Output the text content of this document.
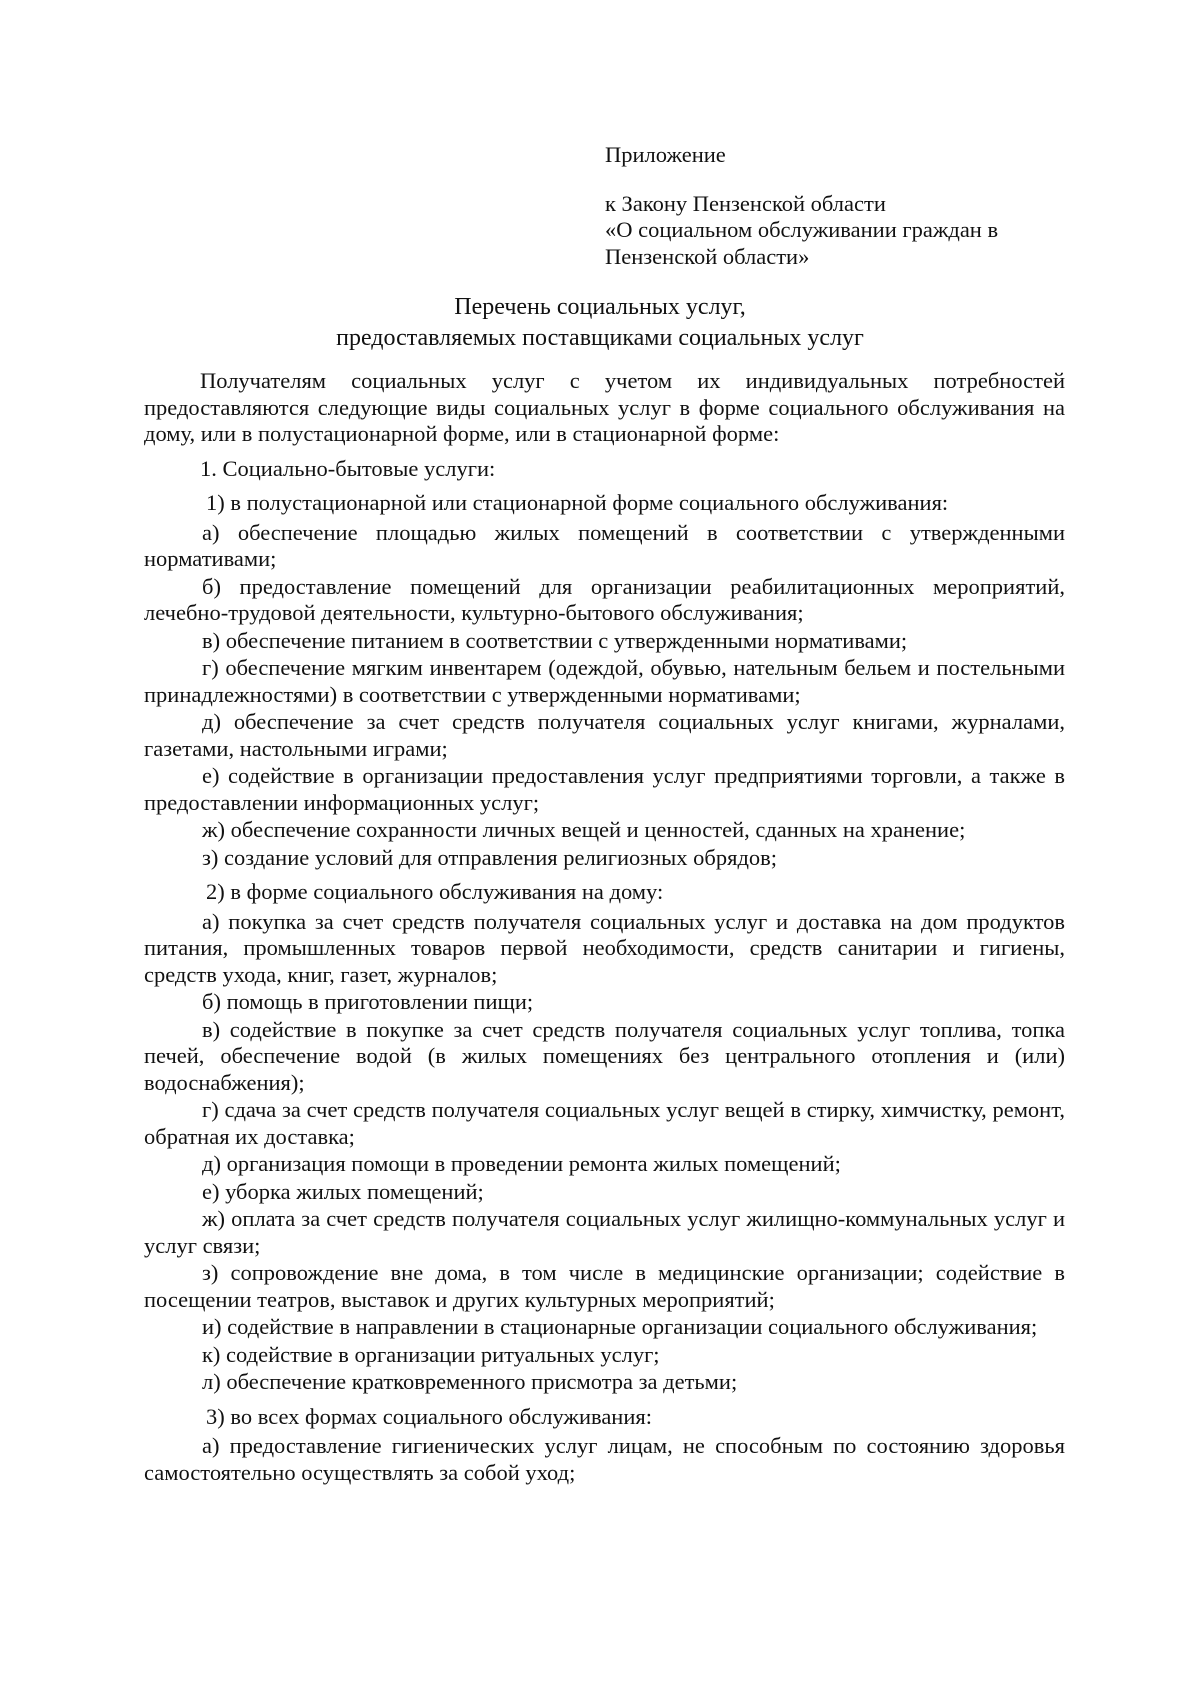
Приложение

к Закону Пензенской области

«О социальном обслуживании граждан в

Пензенской области»

Перечень социальных услуг,

предоставляемых поставщиками социальных услуг

Получателям социальных услуг с учетом их индивидуальных потребностей предоставляются следующие виды социальных услуг в форме социального обслуживания на дому, или в полустационарной форме, или в стационарной форме:

1. Социально-бытовые услуги:

1) в полустационарной или стационарной форме социального обслуживания:

а) обеспечение площадью жилых помещений в соответствии с утвержденными нормативами;

б) предоставление помещений для организации реабилитационных мероприятий, лечебно-трудовой деятельности, культурно-бытового обслуживания;

в) обеспечение питанием в соответствии с утвержденными нормативами;

г) обеспечение мягким инвентарем (одеждой, обувью, нательным бельем и постельными принадлежностями) в соответствии с утвержденными нормативами;

д) обеспечение за счет средств получателя социальных услуг книгами, журналами, газетами, настольными играми;

е) содействие в организации предоставления услуг предприятиями торговли, а также в предоставлении информационных услуг;

ж) обеспечение сохранности личных вещей и ценностей, сданных на хранение;

з) создание условий для отправления религиозных обрядов;

2) в форме социального обслуживания на дому:

а) покупка за счет средств получателя социальных услуг и доставка на дом продуктов питания, промышленных товаров первой необходимости, средств санитарии и гигиены, средств ухода, книг, газет, журналов;

б) помощь в приготовлении пищи;

в) содействие в покупке за счет средств получателя социальных услуг топлива, топка печей, обеспечение водой (в жилых помещениях без центрального отопления и (или) водоснабжения);

г) сдача за счет средств получателя социальных услуг вещей в стирку, химчистку, ремонт, обратная их доставка;

д) организация помощи в проведении ремонта жилых помещений;

е) уборка жилых помещений;

ж) оплата за счет средств получателя социальных услуг жилищно-коммунальных услуг и услуг связи;

з) сопровождение вне дома, в том числе в медицинские организации; содействие в посещении театров, выставок и других культурных мероприятий;

и) содействие в направлении в стационарные организации социального обслуживания;

к) содействие в организации ритуальных услуг;

л) обеспечение кратковременного присмотра за детьми;

3) во всех формах социального обслуживания:

а) предоставление гигиенических услуг лицам, не способным по состоянию здоровья самостоятельно осуществлять за собой уход;
